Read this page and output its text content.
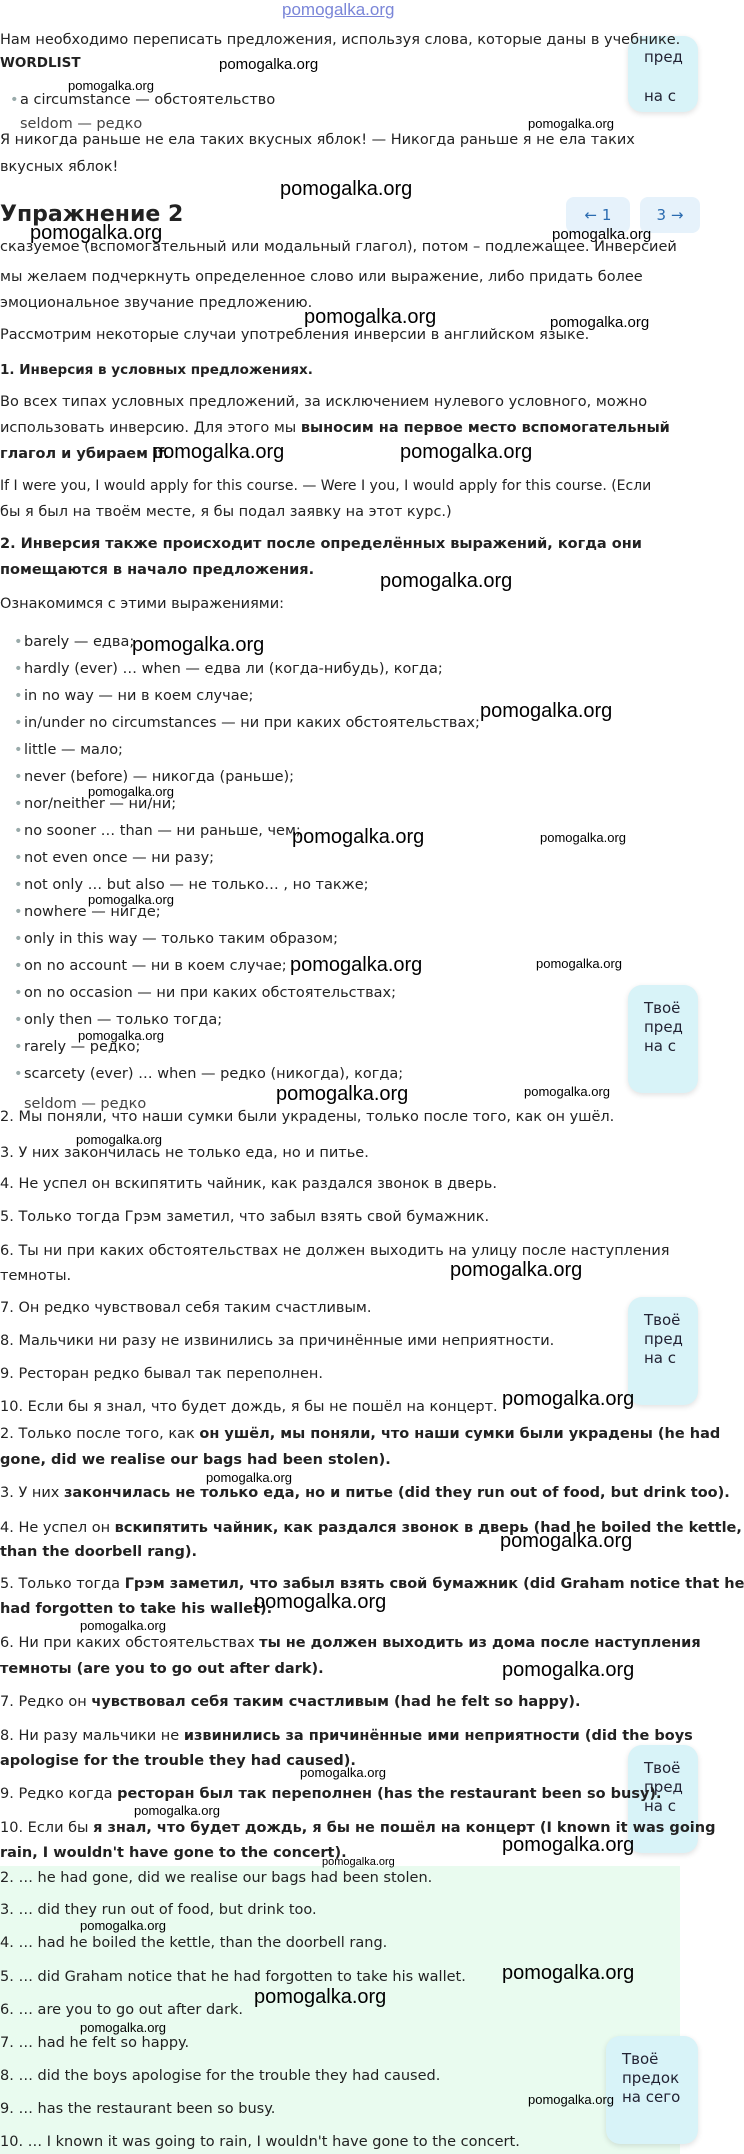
pomogalka.org
пред
на с
Твоё
пред
на с
Твоё
пред
на с
Твоё
пред
на с
Нам необходимо переписать предложения, используя слова, которые даны в учебнике.
WORDLIST
• a circumstance — обстоятельство
seldom — редко
Я никогда раньше не ела таких вкусных яблок! — Никогда раньше я не ела таких
вкусных яблок!
Упражнение 2	← 1	3 →
сказуемое (вспомогательный или модальный глагол), потом – подлежащее. Инверсией
мы желаем подчеркнуть определенное слово или выражение, либо придать более
эмоциональное звучание предложению.
Рассмотрим некоторые случаи употребления инверсии в английском языке.
1. Инверсия в условных предложениях.
Во всех типах условных предложений, за исключением нулевого условного, можно
использовать инверсию. Для этого мы выносим на первое место вспомогательный
глагол и убираем if.
If I were you, I would apply for this course. — Were I you, I would apply for this course. (Если
бы я был на твоём месте, я бы подал заявку на этот курс.)
2. Инверсия также происходит после определённых выражений, когда они
помещаются в начало предложения.
Ознакомимся с этими выражениями:
• barely — едва;
• hardly (ever) … when — едва ли (когда-нибудь), когда;
• in no way — ни в коем случае;
• in/under no circumstances — ни при каких обстоятельствах;
• little — мало;
• never (before) — никогда (раньше);
• nor/neither — ни/ни;
• no sooner … than — ни раньше, чем;
• not even once — ни разу;
• not only … but also — не только… , но также;
• nowhere — нигде;
• only in this way — только таким образом;
• on no account — ни в коем случае;
• on no occasion — ни при каких обстоятельствах;
• only then — только тогда;
• rarely — редко;
• scarcety (ever) … when — редко (никогда), когда;
seldom — редко
2. Мы поняли, что наши сумки были украдены, только после того, как он ушёл.
3. У них закончилась не только еда, но и питье.
4. Не успел он вскипятить чайник, как раздался звонок в дверь.
5. Только тогда Грэм заметил, что забыл взять свой бумажник.
6. Ты ни при каких обстоятельствах не должен выходить на улицу после наступления
темноты.
7. Он редко чувствовал себя таким счастливым.
8. Мальчики ни разу не извинились за причинённые ими неприятности.
9. Ресторан редко бывал так переполнен.
10. Если бы я знал, что будет дождь, я бы не пошёл на концерт.
2. Только после того, как он ушёл, мы поняли, что наши сумки были украдены (he had
gone, did we realise our bags had been stolen).
3. У них закончилась не только еда, но и питье (did they run out of food, but drink too).
4. Не успел он вскипятить чайник, как раздался звонок в дверь (had he boiled the kettle,
than the doorbell rang).
5. Только тогда Грэм заметил, что забыл взять свой бумажник (did Graham notice that he
had forgotten to take his wallet).
6. Ни при каких обстоятельствах ты не должен выходить из дома после наступления
темноты (are you to go out after dark).
7. Редко он чувствовал себя таким счастливым (had he felt so happy).
8. Ни разу мальчики не извинились за причинённые ими неприятности (did the boys
apologise for the trouble they had caused).
9. Редко когда ресторан был так переполнен (has the restaurant been so busy).
10. Если бы я знал, что будет дождь, я бы не пошёл на концерт (I known it was going
rain, I wouldn't have gone to the concert).
2. … he had gone, did we realise our bags had been stolen.
3. … did they run out of food, but drink too.
4. … had he boiled the kettle, than the doorbell rang.
5. … did Graham notice that he had forgotten to take his wallet.
6. … are you to go out after dark.
7. … had he felt so happy.
8. … did the boys apologise for the trouble they had caused.
9. … has the restaurant been so busy.
10. … I known it was going to rain, I wouldn't have gone to the concert.
Твоё
предок
на сего
pomogalka.org
pomogalka.org
pomogalka.org
pomogalka.org
pomogalka.org	pomogalka.org
pomogalka.org	pomogalka.org
pomogalka.org	pomogalka.org
pomogalka.org
pomogalka.org
pomogalka.org
pomogalka.org
pomogalka.org	pomogalka.org
pomogalka.org
pomogalka.org	pomogalka.org
pomogalka.org
pomogalka.org	pomogalka.org
pomogalka.org
pomogalka.org
pomogalka.org
pomogalka.org
pomogalka.org
pomogalka.org
pomogalka.org
pomogalka.org
pomogalka.org
pomogalka.org
pomogalka.org
pomogalka.org
pomogalka.org
pomogalka.org
pomogalka.org
pomogalka.org
pomogalka.org
